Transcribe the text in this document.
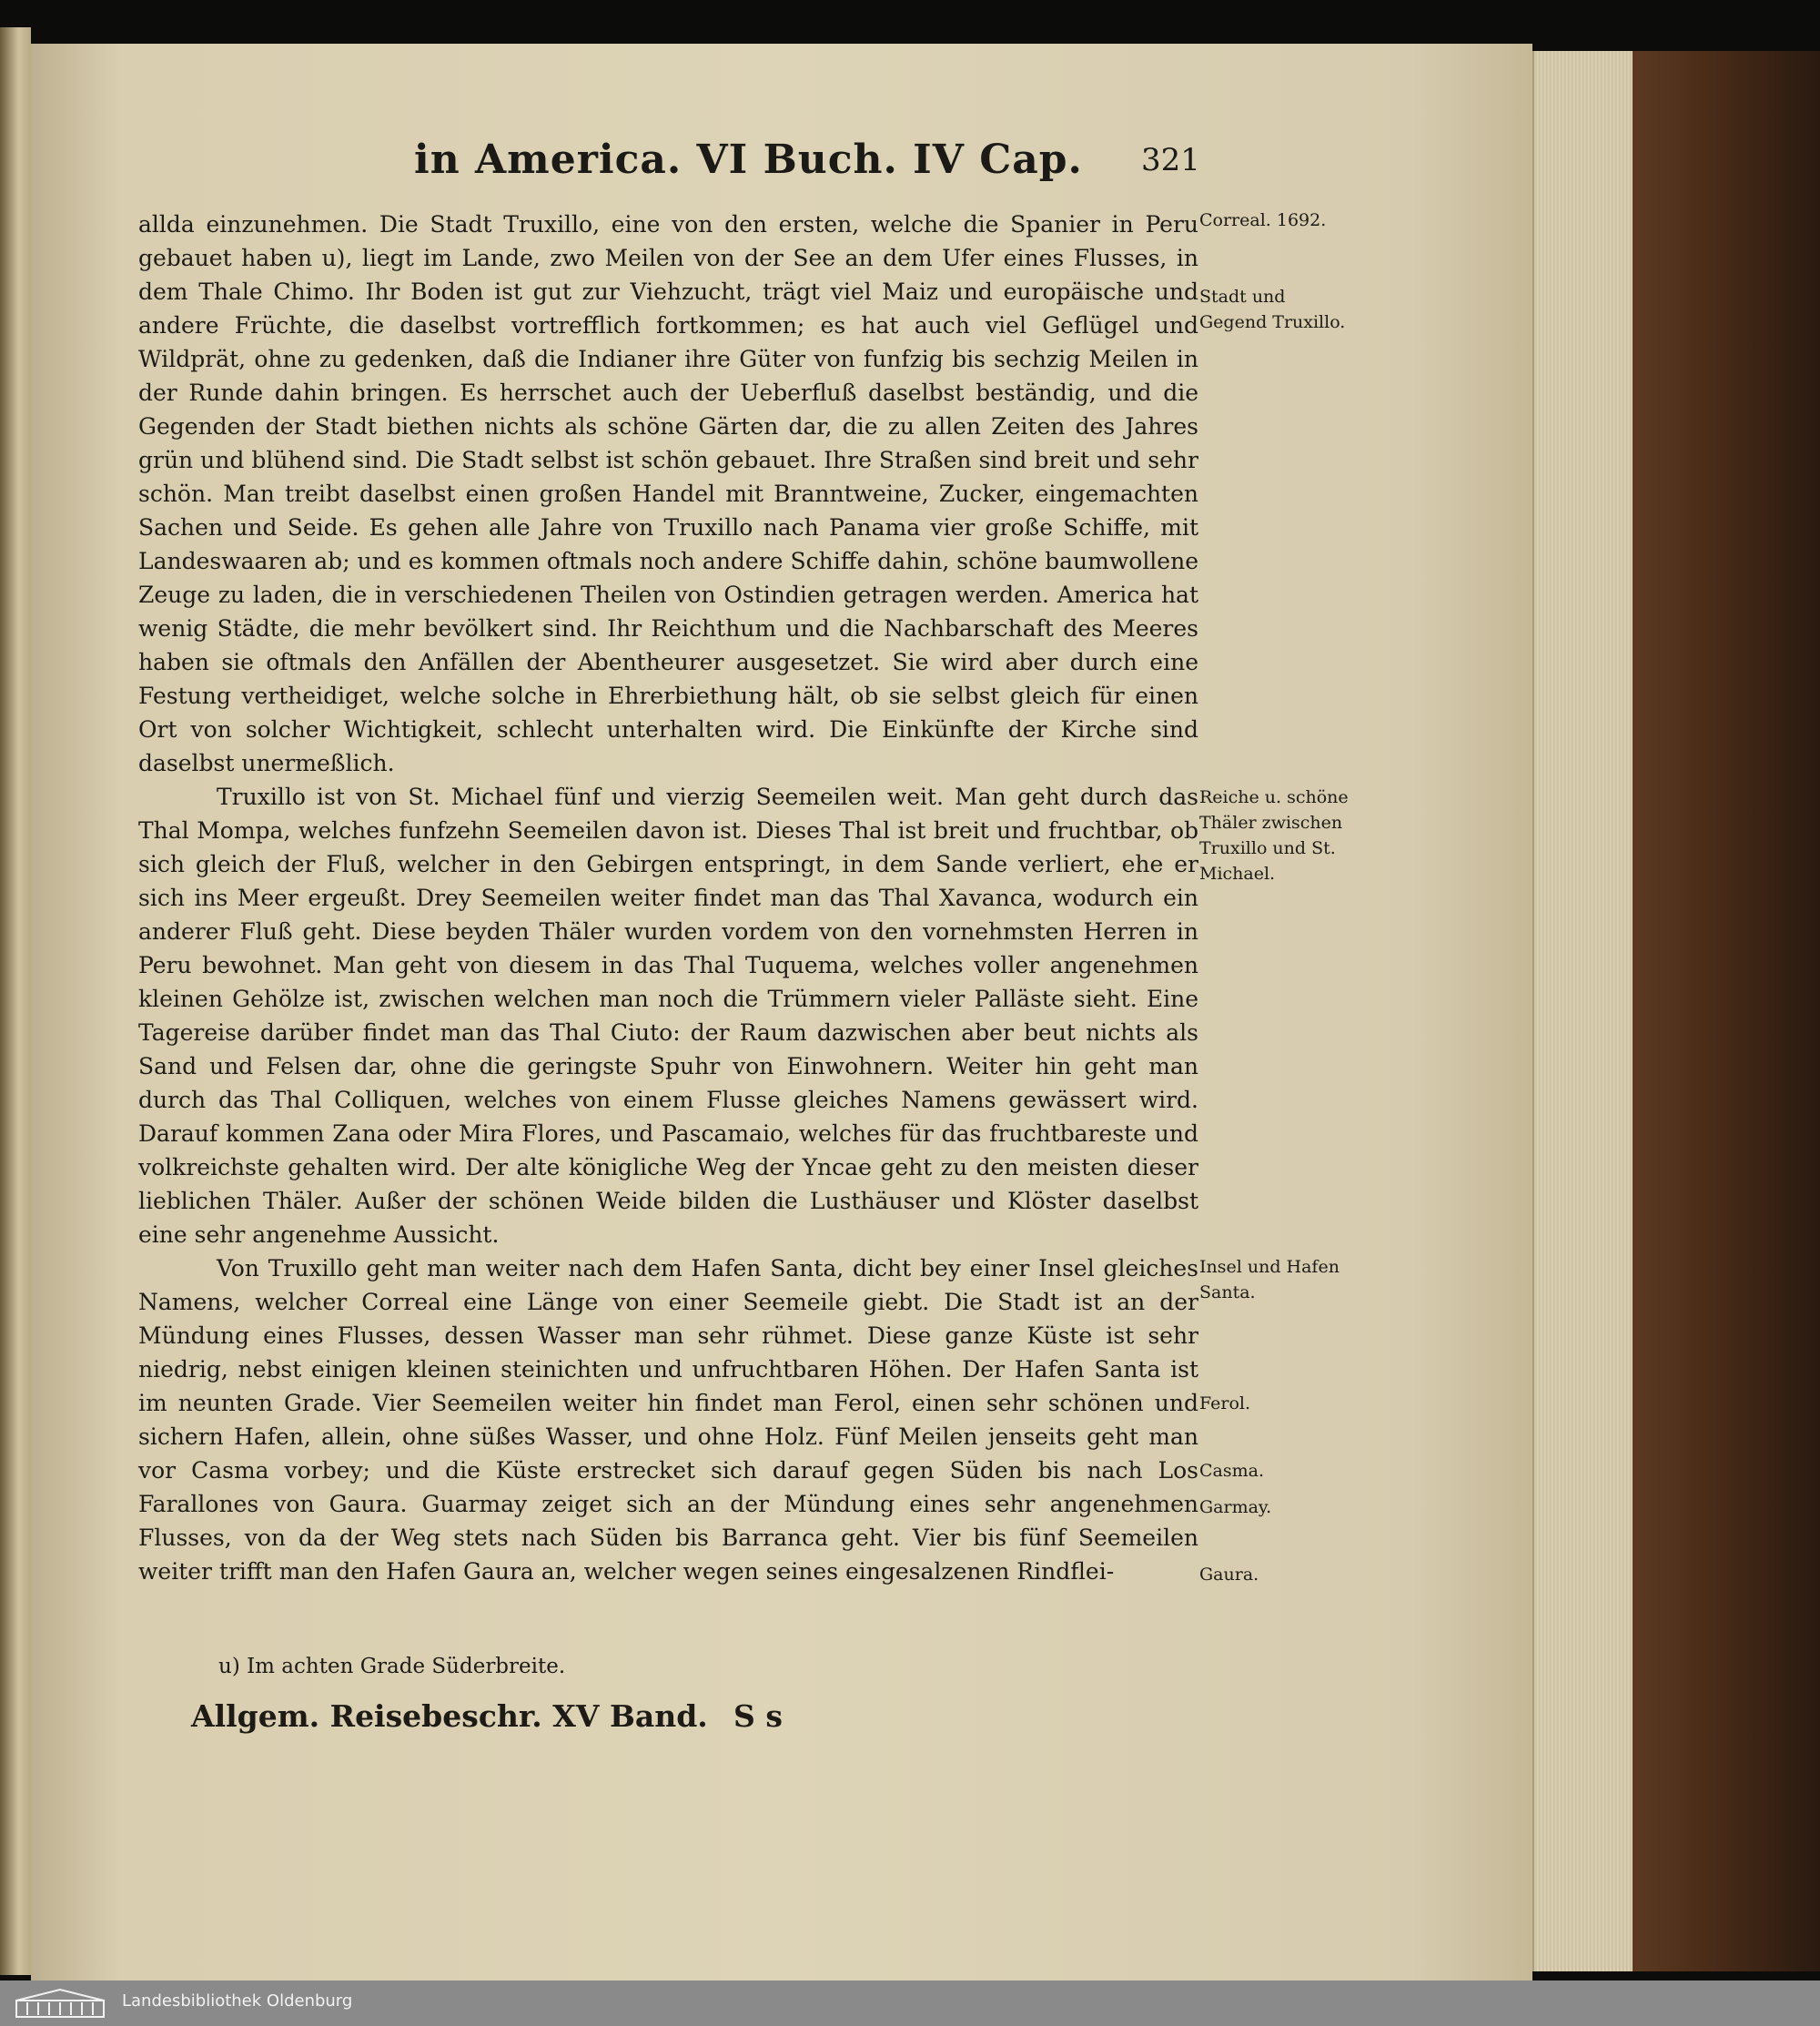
in America. VI Buch. IV Cap. 321

allda einzunehmen. Die Stadt Truxillo, eine von den ersten, welche die Spanier in Peru gebauet haben u), liegt im Lande, zwo Meilen von der See an dem Ufer eines Flusses, in dem Thale Chimo. Ihr Boden ist gut zur Viehzucht, trägt viel Maiz und europäische und andere Früchte, die daselbst vortrefflich fortkommen; es hat auch viel Geflügel und Wildprät, ohne zu gedenken, daß die Indianer ihre Güter von funfzig bis sechzig Meilen in der Runde dahin bringen. Es herrschet auch der Ueberfluß daselbst beständig, und die Gegenden der Stadt biethen nichts als schöne Gärten dar, die zu allen Zeiten des Jahres grün und blühend sind. Die Stadt selbst ist schön gebauet. Ihre Straßen sind breit und sehr schön. Man treibt daselbst einen großen Handel mit Branntweine, Zucker, eingemachten Sachen und Seide. Es gehen alle Jahre von Truxillo nach Panama vier große Schiffe, mit Landeswaaren ab; und es kommen oftmals noch andere Schiffe dahin, schöne baumwollene Zeuge zu laden, die in verschiedenen Theilen von Ostindien getragen werden. America hat wenig Städte, die mehr bevölkert sind. Ihr Reichthum und die Nachbarschaft des Meeres haben sie oftmals den Anfällen der Abentheurer ausgesetzet. Sie wird aber durch eine Festung vertheidiget, welche solche in Ehrerbiethung hält, ob sie selbst gleich für einen Ort von solcher Wichtigkeit, schlecht unterhalten wird. Die Einkünfte der Kirche sind daselbst unermeßlich.

Truxillo ist von St. Michael fünf und vierzig Seemeilen weit. Man geht durch das Thal Mompa, welches funfzehn Seemeilen davon ist. Dieses Thal ist breit und fruchtbar, ob sich gleich der Fluß, welcher in den Gebirgen entspringt, in dem Sande verliert, ehe er sich ins Meer ergeußt. Drey Seemeilen weiter findet man das Thal Xavanca, wodurch ein anderer Fluß geht. Diese beyden Thäler wurden vordem von den vornehmsten Herren in Peru bewohnet. Man geht von diesem in das Thal Tuquema, welches voller angenehmen kleinen Gehölze ist, zwischen welchen man noch die Trümmern vieler Palläste sieht. Eine Tagereise darüber findet man das Thal Ciuto: der Raum dazwischen aber beut nichts als Sand und Felsen dar, ohne die geringste Spuhr von Einwohnern. Weiter hin geht man durch das Thal Colliquen, welches von einem Flusse gleiches Namens gewässert wird. Darauf kommen Zana oder Mira Flores, und Pascamaio, welches für das fruchtbareste und volkreichste gehalten wird. Der alte königliche Weg der Yncae geht zu den meisten dieser lieblichen Thäler. Außer der schönen Weide bilden die Lusthäuser und Klöster daselbst eine sehr angenehme Aussicht.

Von Truxillo geht man weiter nach dem Hafen Santa, dicht bey einer Insel gleiches Namens, welcher Correal eine Länge von einer Seemeile giebt. Die Stadt ist an der Mündung eines Flusses, dessen Wasser man sehr rühmet. Diese ganze Küste ist sehr niedrig, nebst einigen kleinen steinichten und unfruchtbaren Höhen. Der Hafen Santa ist im neunten Grade. Vier Seemeilen weiter hin findet man Ferol, einen sehr schönen und sichern Hafen, allein, ohne süßes Wasser, und ohne Holz. Fünf Meilen jenseits geht man vor Casma vorbey; und die Küste erstrecket sich darauf gegen Süden bis nach Los Farallones von Gaura. Guarmay zeiget sich an der Mündung eines sehr angenehmen Flusses, von da der Weg stets nach Süden bis Barranca geht. Vier bis fünf Seemeilen weiter trifft man den Hafen Gaura an, welcher wegen seines eingesalzenen Rindflei-

Correal. 1692.
Stadt und Gegend Truxillo.
Reiche u. schöne Thäler zwischen Truxillo und St. Michael.
Insel und Hafen Santa.
Ferol.
Casma.
Garmay.
Gaura.
u) Im achten Grade Süderbreite.
Allgem. Reisebeschr. XV Band. S s
Landesbibliothek Oldenburg
